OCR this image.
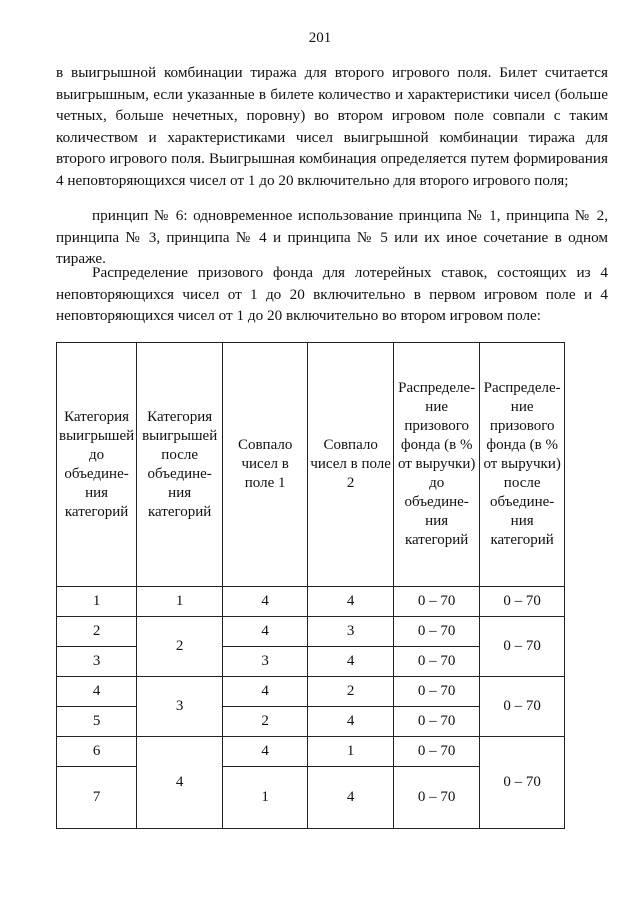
201

в выигрышной комбинации тиража для второго игрового поля. Билет считается выигрышным, если указанные в билете количество и характеристики чисел (больше четных, больше нечетных, поровну) во втором игровом поле совпали с таким количеством и характеристиками чисел выигрышной комбинации тиража для второго игрового поля. Выигрышная комбинация определяется путем формирования 4 неповторяющихся чисел от 1 до 20 включительно для второго игрового поля;

принцип № 6: одновременное использование принципа № 1, принципа № 2, принципа № 3, принципа № 4 и принципа № 5 или их иное сочетание в одном тираже.

Распределение призового фонда для лотерейных ставок, состоящих из 4 неповторяющихся чисел от 1 до 20 включительно в первом игровом поле и 4 неповторяющихся чисел от 1 до 20 включительно во втором игровом поле:

Категория выигрышей до объедине-ния категорий	Категория выигрышей после объедине-ния категорий	Совпало чисел в поле 1	Совпало чисел в поле 2	Распределе-ние призового фонда (в % от выручки) до объедине-ния категорий	Распределе-ние призового фонда (в % от выручки) после объедине-ния категорий
1	1	4	4	0 – 70	0 – 70
2	2	4	3	0 – 70	0 – 70
3		3	4	0 – 70	
4	3	4	2	0 – 70	0 – 70
5		2	4	0 – 70	
6	4	4	1	0 – 70	0 – 70
7		1	4	0 – 70	
